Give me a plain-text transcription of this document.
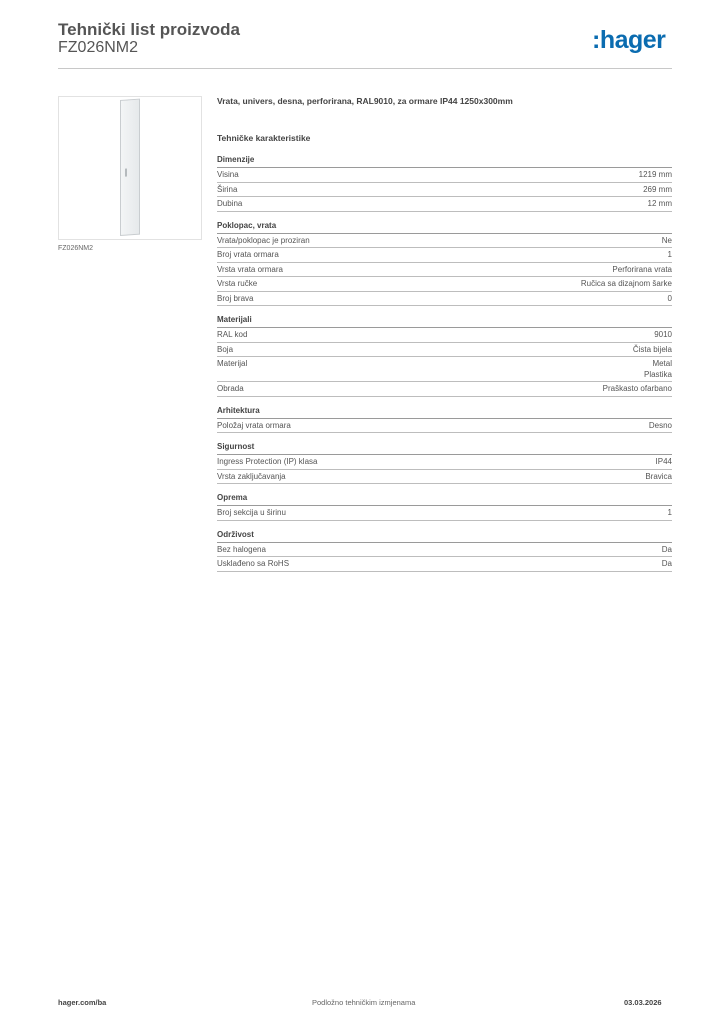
Tehnički list proizvoda
FZ026NM2	:hager
FZ026NM2
Vrata, univers, desna, perforirana, RAL9010, za ormare IP44 1250x300mm
Tehničke karakteristike
Dimenzije
Visina	1219 mm
Širina	269 mm
Dubina	12 mm
Poklopac, vrata
Vrata/poklopac je proziran	Ne
Broj vrata ormara	1
Vrsta vrata ormara	Perforirana vrata
Vrsta ručke	Ručica sa dizajnom šarke
Broj brava	0
Materijali
RAL kod	9010
Boja	Čista bijela
Materijal	Metal
Plastika
Obrada	Praškasto ofarbano
Arhitektura
Položaj vrata ormara	Desno
Sigurnost
Ingress Protection (IP) klasa	IP44
Vrsta zaključavanja	Bravica
Oprema
Broj sekcija u širinu	1
Održivost
Bez halogena	Da
Usklađeno sa RoHS	Da
hager.com/ba	Podložno tehničkim izmjenama	03.03.2026
